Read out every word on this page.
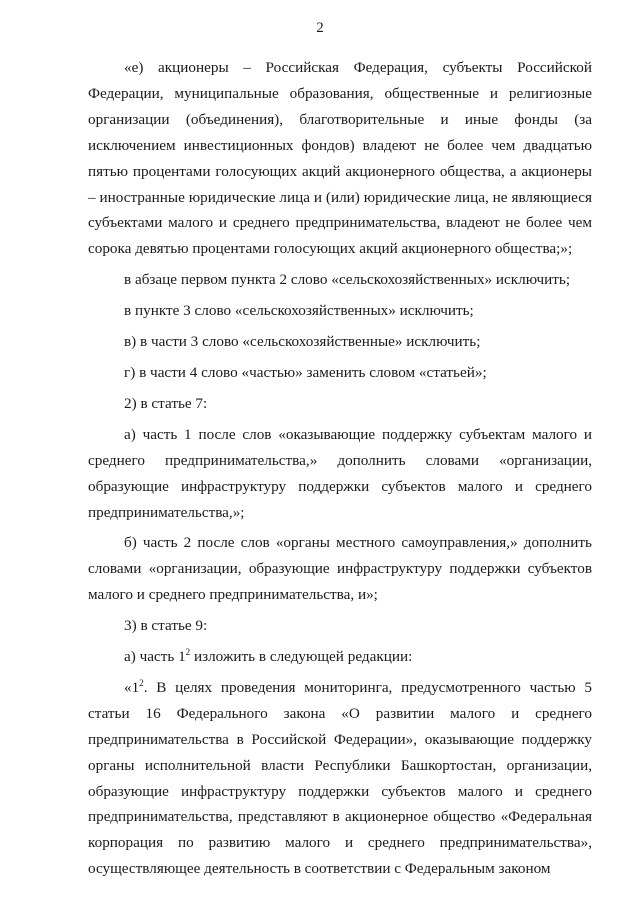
2

«е) акционеры – Российская Федерация, субъекты Российской Федерации, муниципальные образования, общественные и религиозные организации (объединения), благотворительные и иные фонды (за исключением инвестиционных фондов) владеют не более чем двадцатью пятью процентами голосующих акций акционерного общества, а акционеры – иностранные юридические лица и (или) юридические лица, не являющиеся субъектами малого и среднего предпринимательства, владеют не более чем сорока девятью процентами голосующих акций акционерного общества;»;

в абзаце первом пункта 2 слово «сельскохозяйственных» исключить;

в пункте 3 слово «сельскохозяйственных» исключить;

в) в части 3 слово «сельскохозяйственные» исключить;

г) в части 4 слово «частью» заменить словом «статьей»;

2) в статье 7:

а) часть 1 после слов «оказывающие поддержку субъектам малого и среднего предпринимательства,» дополнить словами «организации, образующие инфраструктуру поддержки субъектов малого и среднего предпринимательства,»;

б) часть 2 после слов «органы местного самоуправления,» дополнить словами «организации, образующие инфраструктуру поддержки субъектов малого и среднего предпринимательства, и»;

3) в статье 9:

а) часть $1^2$ изложить в следующей редакции:

«$1^2$. В целях проведения мониторинга, предусмотренного частью 5 статьи 16 Федерального закона «О развитии малого и среднего предпринимательства в Российской Федерации», оказывающие поддержку органы исполнительной власти Республики Башкортостан, организации, образующие инфраструктуру поддержки субъектов малого и среднего предпринимательства, представляют в акционерное общество «Федеральная корпорация по развитию малого и среднего предпринимательства», осуществляющее деятельность в соответствии с Федеральным законом
